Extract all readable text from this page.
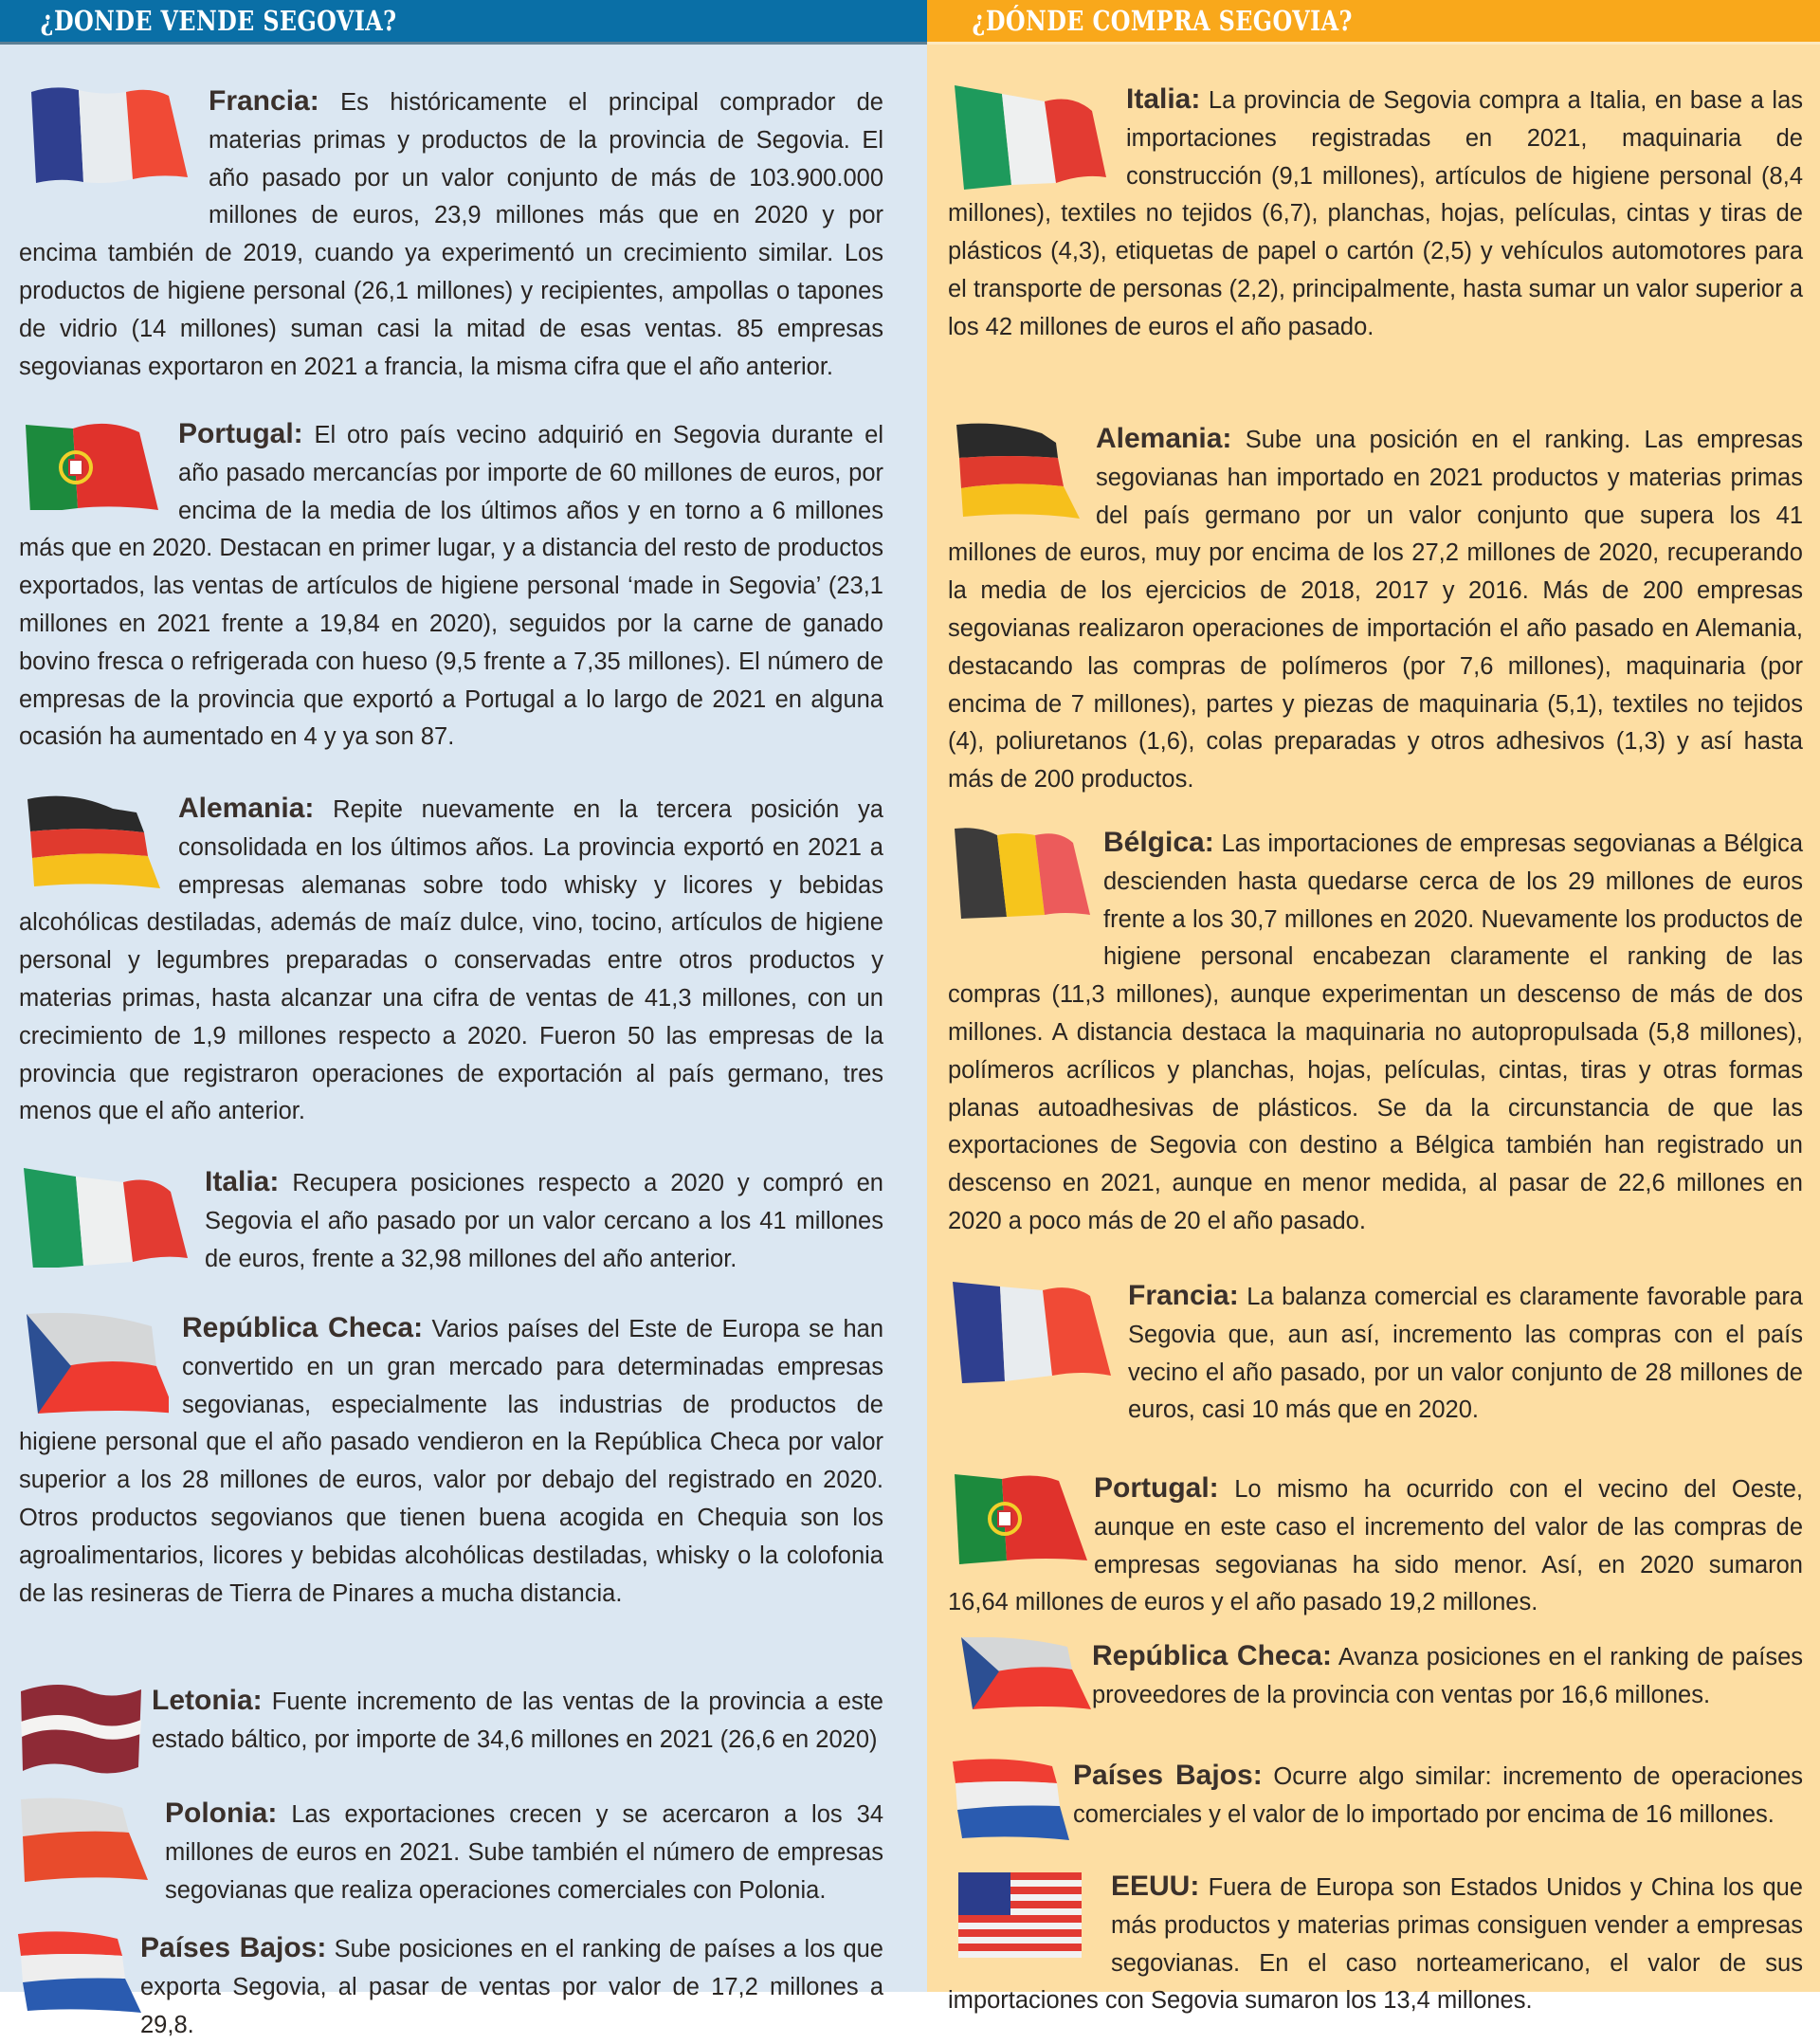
¿DONDE VENDE SEGOVIA?
Francia: Es históricamente el principal comprador de materias primas y productos de la provincia de Segovia. El año pasado por un valor conjunto de más de 103.900.000 millones de euros, 23,9 millones más que en 2020 y por encima también de 2019, cuando ya experimentó un crecimiento similar. Los productos de higiene personal (26,1 millones) y recipientes, ampollas o tapones de vidrio (14 millones) suman casi la mitad de esas ventas. 85 empresas segovianas exportaron en 2021 a francia, la misma cifra que el año anterior.
Portugal: El otro país vecino adquirió en Segovia durante el año pasado mercancías por importe de 60 millones de euros, por encima de la media de los últimos años y en torno a 6 millones más que en 2020. Destacan en primer lugar, y a distancia del resto de productos exportados, las ventas de artículos de higiene personal ‘made in Segovia’ (23,1 millones en 2021 frente a 19,84 en 2020), seguidos por la carne de ganado bovino fresca o refrigerada con hueso (9,5 frente a 7,35 millones). El número de empresas de la provincia que exportó a Portugal a lo largo de 2021 en alguna ocasión ha aumentado en 4 y ya son 87.
Alemania: Repite nuevamente en la tercera posición ya consolidada en los últimos años. La provincia exportó en 2021 a empresas alemanas sobre todo whisky y licores y bebidas alcohólicas destiladas, además de maíz dulce, vino, tocino, artículos de higiene personal y legumbres preparadas o conservadas entre otros productos y materias primas, hasta alcanzar una cifra de ventas de 41,3 millones, con un crecimiento de 1,9 millones respecto a 2020. Fueron 50 las empresas de la provincia que registraron operaciones de exportación al país germano, tres menos que el año anterior.
Italia: Recupera posiciones respecto a 2020 y compró en Segovia el año pasado por un valor cercano a los 41 millones de euros, frente a 32,98 millones del año anterior.
República Checa: Varios países del Este de Europa se han convertido en un gran mercado para determinadas empresas segovianas, especialmente las industrias de productos de higiene personal que el año pasado vendieron en la República Checa por valor superior a los 28 millones de euros, valor por debajo del registrado en 2020. Otros productos segovianos que tienen buena acogida en Chequia son los agroalimentarios, licores y bebidas alcohólicas destiladas, whisky o la colofonia de las resineras de Tierra de Pinares a mucha distancia.
Letonia: Fuente incremento de las ventas de la provincia a este estado báltico, por importe de 34,6 millones en 2021 (26,6 en 2020)
Polonia: Las exportaciones crecen y se acercaron a los 34 millones de euros en 2021. Sube también el número de empresas segovianas que realiza operaciones comerciales con Polonia.
Países Bajos: Sube posiciones en el ranking de países a los que exporta Segovia, al pasar de ventas por valor de 17,2 millones a 29,8.
¿DÓNDE COMPRA SEGOVIA?
Italia: La provincia de Segovia compra a Italia, en base a las importaciones registradas en 2021, maquinaria de construcción (9,1 millones), artículos de higiene personal (8,4 millones), textiles no tejidos (6,7), planchas, hojas, películas, cintas y tiras de plásticos (4,3), etiquetas de papel o cartón (2,5) y vehículos automotores para el transporte de personas (2,2), principalmente, hasta sumar un valor superior a los 42 millones de euros el año pasado.
Alemania: Sube una posición en el ranking. Las empresas segovianas han importado en 2021 productos y materias primas del país germano por un valor conjunto que supera los 41 millones de euros, muy por encima de los 27,2 millones de 2020, recuperando la media de los ejercicios de 2018, 2017 y 2016. Más de 200 empresas segovianas realizaron operaciones de importación el año pasado en Alemania, destacando las compras de polímeros (por 7,6 millones), maquinaria (por encima de 7 millones), partes y piezas de maquinaria (5,1), textiles no tejidos (4), poliuretanos (1,6), colas preparadas y otros adhesivos (1,3) y así hasta más de 200 productos.
Bélgica: Las importaciones de empresas segovianas a Bélgica descienden hasta quedarse cerca de los 29 millones de euros frente a los 30,7 millones en 2020. Nuevamente los productos de higiene personal encabezan claramente el ranking de las compras (11,3 millones), aunque experimentan un descenso de más de dos millones. A distancia destaca la maquinaria no autopropulsada (5,8 millones), polímeros acrílicos y planchas, hojas, películas, cintas, tiras y otras formas planas autoadhesivas de plásticos. Se da la circunstancia de que las exportaciones de Segovia con destino a Bélgica también han registrado un descenso en 2021, aunque en menor medida, al pasar de 22,6 millones en 2020 a poco más de 20 el año pasado.
Francia: La balanza comercial es claramente favorable para Segovia que, aun así, incremento las compras con el país vecino el año pasado, por un valor conjunto de 28 millones de euros, casi 10 más que en 2020.
Portugal: Lo mismo ha ocurrido con el vecino del Oeste, aunque en este caso el incremento del valor de las compras de empresas segovianas ha sido menor. Así, en 2020 sumaron 16,64 millones de euros y el año pasado 19,2 millones.
República Checa: Avanza posiciones en el ranking de países proveedores de la provincia con ventas por 16,6 millones.
Países Bajos: Ocurre algo similar: incremento de operaciones comerciales y el valor de lo importado por encima de 16 millones.
EEUU: Fuera de Europa son Estados Unidos y China los que más productos y materias primas consiguen vender a empresas segovianas. En el caso norteamericano, el valor de sus importaciones con Segovia sumaron los 13,4 millones.
